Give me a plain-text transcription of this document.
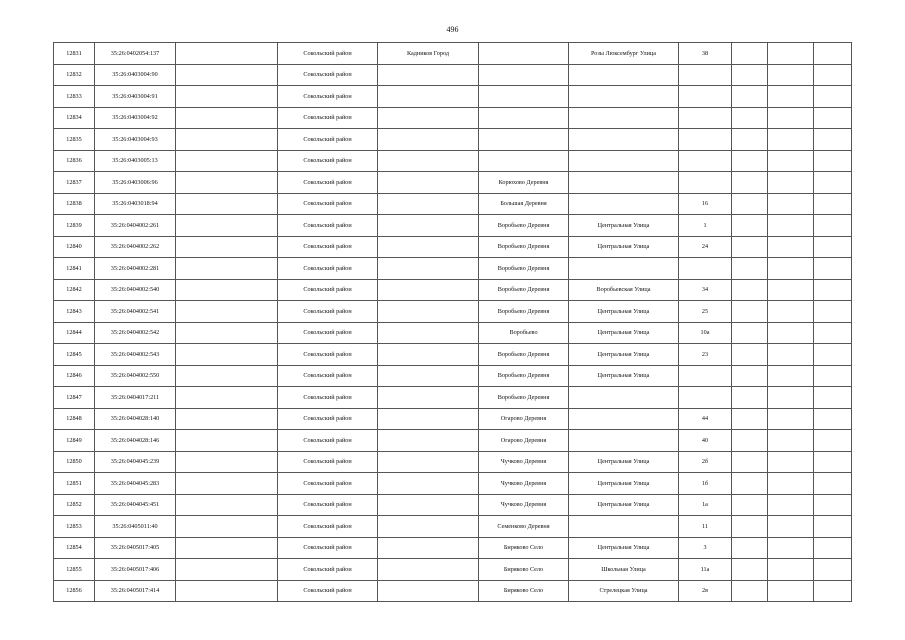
496
12831	35:26:0402054:137		Сокольский район	Кадников Город		Розы Люксембург Улица	38			
12832	35:26:0403004:90		Сокольский район							
12833	35:26:0403004:91		Сокольский район							
12834	35:26:0403004:92		Сокольский район							
12835	35:26:0403004:93		Сокольский район							
12836	35:26:0403005:13		Сокольский район							
12837	35:26:0403006:96		Сокольский район		Корюхово Деревня					
12838	35:26:0403018:94		Сокольский район		Большая Деревня		16			
12839	35:26:0404002:261		Сокольский район		Воробьево Деревня	Центральная Улица	1			
12840	35:26:0404002:262		Сокольский район		Воробьево Деревня	Центральная Улица	24			
12841	35:26:0404002:281		Сокольский район		Воробьево Деревня					
12842	35:26:0404002:540		Сокольский район		Воробьево Деревня	Воробьевская Улица	34			
12843	35:26:0404002:541		Сокольский район		Воробьево Деревня	Центральная Улица	25			
12844	35:26:0404002:542		Сокольский район		Воробьево	Центральная Улица	10а			
12845	35:26:0404002:543		Сокольский район		Воробьево Деревня	Центральная Улица	23			
12846	35:26:0404002:550		Сокольский район		Воробьево Деревня	Центральная Улица				
12847	35:26:0404017:211		Сокольский район		Воробьево Деревня					
12848	35:26:0404028:140		Сокольский район		Огарово Деревня		44			
12849	35:26:0404028:146		Сокольский район		Огарово Деревня		40			
12850	35:26:0404045:239		Сокольский район		Чучково Деревня	Центральная Улица	2б			
12851	35:26:0404045:283		Сокольский район		Чучково Деревня	Центральная Улица	1б			
12852	35:26:0404045:451		Сокольский район		Чучково Деревня	Центральная Улица	1а			
12853	35:26:0405011:40		Сокольский район		Семенково Деревня		11			
12854	35:26:0405017:405		Сокольский район		Биряково Село	Центральная Улица	3			
12855	35:26:0405017:406		Сокольский район		Биряково Село	Школьная Улица	11а			
12856	35:26:0405017:414		Сокольский район		Биряково Село	Стрелецкая Улица	2в			
